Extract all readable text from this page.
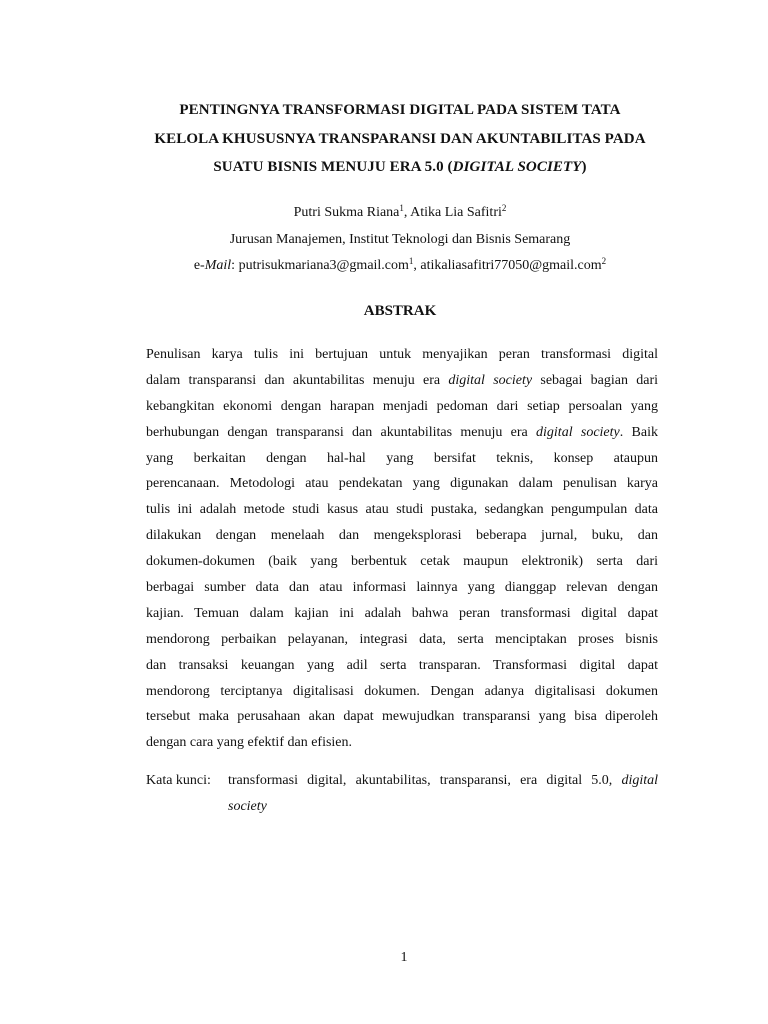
PENTINGNYA TRANSFORMASI DIGITAL PADA SISTEM TATA
KELOLA KHUSUSNYA TRANSPARANSI DAN AKUNTABILITAS PADA
SUATU BISNIS MENUJU ERA 5.0 (DIGITAL SOCIETY)
Putri Sukma Riana$^1$, Atika Lia Safitri$^2$
Jurusan Manajemen, Institut Teknologi dan Bisnis Semarang
e-Mail: putrisukmariana3@gmail.com$^1$, atikaliasafitri77050@gmail.com$^2$
ABSTRAK
Penulisan karya tulis ini bertujuan untuk menyajikan peran transformasi digital
dalam transparansi dan akuntabilitas menuju era digital society sebagai bagian dari
kebangkitan ekonomi dengan harapan menjadi pedoman dari setiap persoalan yang
berhubungan dengan transparansi dan akuntabilitas menuju era digital society. Baik
yang berkaitan dengan hal-hal yang bersifat teknis, konsep ataupun
perencanaan. Metodologi atau pendekatan yang digunakan dalam penulisan karya
tulis ini adalah metode studi kasus atau studi pustaka, sedangkan pengumpulan data
dilakukan dengan menelaah dan mengeksplorasi beberapa jurnal, buku, dan
dokumen-dokumen (baik yang berbentuk cetak maupun elektronik) serta dari
berbagai sumber data dan atau informasi lainnya yang dianggap relevan dengan
kajian. Temuan dalam kajian ini adalah bahwa peran transformasi digital dapat
mendorong perbaikan pelayanan, integrasi data, serta menciptakan proses bisnis
dan transaksi keuangan yang adil serta transparan. Transformasi digital dapat
mendorong terciptanya digitalisasi dokumen. Dengan adanya digitalisasi dokumen
tersebut maka perusahaan akan dapat mewujudkan transparansi yang bisa diperoleh
dengan cara yang efektif dan efisien.
Kata kunci: transformasi digital, akuntabilitas, transparansi, era digital 5.0, digital
society
1
